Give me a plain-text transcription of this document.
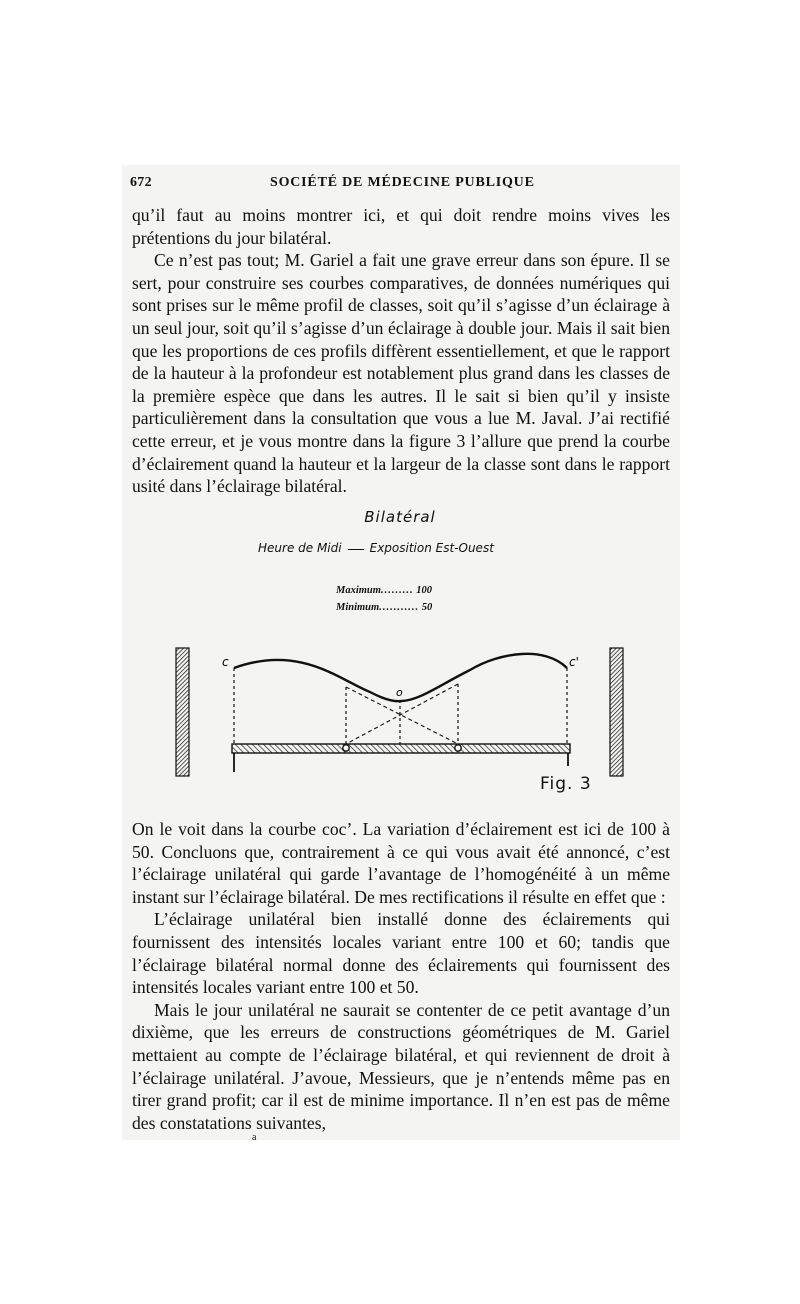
672	SOCIÉTÉ DE MÉDECINE PUBLIQUE

qu’il faut au moins montrer ici, et qui doit rendre moins vives les prétentions du jour bilatéral.

Ce n’est pas tout; M. Gariel a fait une grave erreur dans son épure. Il se sert, pour construire ses courbes comparatives, de données numériques qui sont prises sur le même profil de classes, soit qu’il s’agisse d’un éclairage à un seul jour, soit qu’il s’agisse d’un éclairage à double jour. Mais il sait bien que les proportions de ces profils diffèrent essentiellement, et que le rapport de la hauteur à la profondeur est notablement plus grand dans les classes de la première espèce que dans les autres. Il le sait si bien qu’il y insiste particulièrement dans la consultation que vous a lue M. Javal. J’ai rectifié cette erreur, et je vous montre dans la figure 3 l’allure que prend la courbe d’éclairement quand la hauteur et la largeur de la classe sont dans le rapport usité dans l’éclairage bilatéral.

Bilatéral
Heure de Midi Exposition Est-Ouest
Maximum......... 100
Minimum........... 50
c
o
c'
Fig. 3

On le voit dans la courbe coc’. La variation d’éclairement est ici de 100 à 50. Concluons que, contrairement à ce qui vous avait été annoncé, c’est l’éclairage unilatéral qui garde l’avantage de l’homogénéité à un même instant sur l’éclairage bilatéral. De mes rectifications il résulte en effet que :

L’éclairage unilatéral bien installé donne des éclairements qui fournissent des intensités locales variant entre 100 et 60; tandis que l’éclairage bilatéral normal donne des éclairements qui fournissent des intensités locales variant entre 100 et 50.

Mais le jour unilatéral ne saurait se contenter de ce petit avantage d’un dixième, que les erreurs de constructions géométriques de M. Gariel mettaient au compte de l’éclairage bilatéral, et qui reviennent de droit à l’éclairage unilatéral. J’avoue, Messieurs, que je n’entends même pas en tirer grand profit; car il est de minime importance. Il n’en est pas de même des constatations suivantes,

a
